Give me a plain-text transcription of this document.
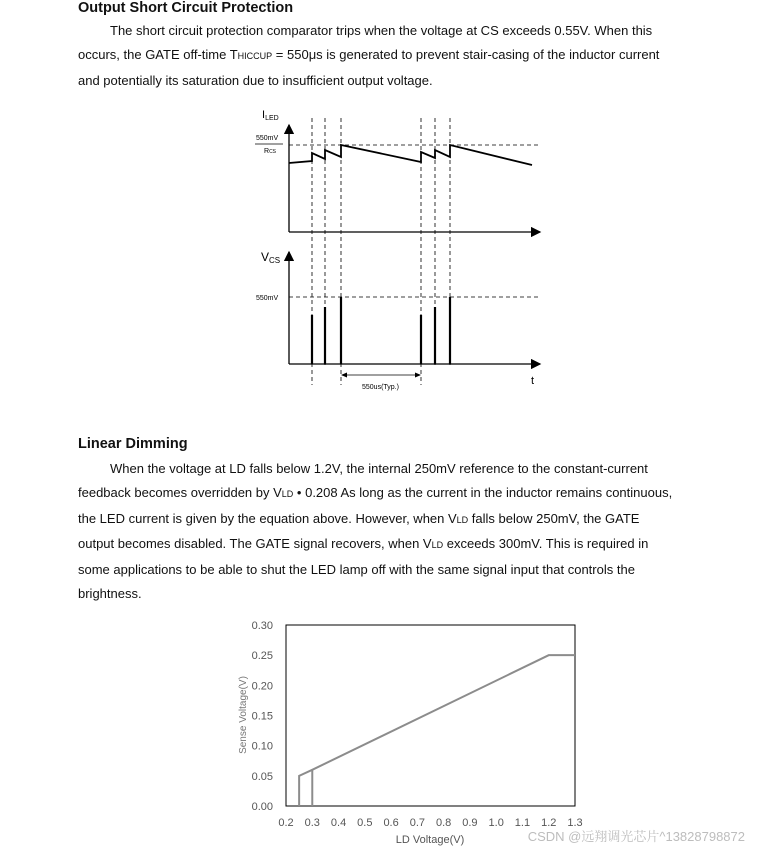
Output Short Circuit Protection
The short circuit protection comparator trips when the voltage at CS exceeds 0.55V. When this
occurs, the GATE off-time THICCUP = 550μs is generated to prevent stair-casing of the inductor current
and potentially its saturation due to insufficient output voltage.
ILED
550mV
RCS
VCS
550mV
t
550us(Typ.)
Linear Dimming
When the voltage at LD falls below 1.2V, the internal 250mV reference to the constant-current
feedback becomes overridden by VLD • 0.208 As long as the current in the inductor remains continuous,
the LED current is given by the equation above. However, when VLD falls below 250mV, the GATE
output becomes disabled. The GATE signal recovers, when VLD exceeds 300mV. This is required in
some applications to be able to shut the LED lamp off with the same signal input that controls the
brightness.
0.00
0.05
0.10
0.15
0.20
0.25
0.30
0.2 0.3 0.4 0.5 0.6 0.7 0.8 0.9 1.0 1.1 1.2 1.3
LD Voltage(V)
Sense Voltage(V)
CSDN @远翔调光芯片^13828798872
